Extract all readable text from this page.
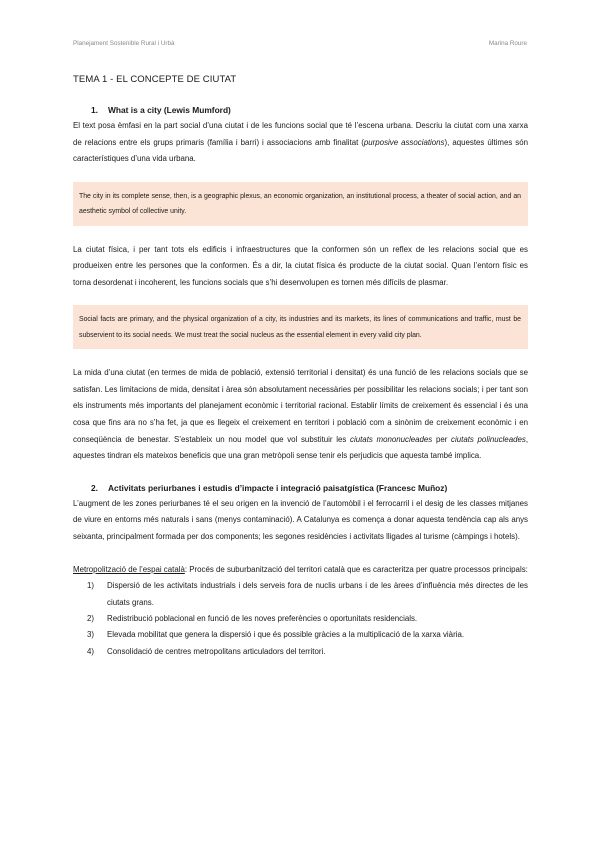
Planejament Sostenible Rural i Urbà	Marina Roure
TEMA 1 - EL CONCEPTE DE CIUTAT
1. What is a city (Lewis Mumford)

El text posa èmfasi en la part social d’una ciutat i de les funcions social que té l’escena urbana. Descriu la ciutat com una xarxa de relacions entre els grups primaris (família i barri) i associacions amb finalitat (purposive associations), aquestes últimes són característiques d’una vida urbana.

The city in its complete sense, then, is a geographic plexus, an economic organization, an institutional process, a theater of social action, and an aesthetic symbol of collective unity.

La ciutat física, i per tant tots els edificis i infraestructures que la conformen són un reflex de les relacions social que es produeixen entre les persones que la conformen. És a dir, la ciutat física és producte de la ciutat social. Quan l’entorn físic es torna desordenat i incoherent, les funcions socials que s’hi desenvolupen es tornen més difícils de plasmar.

Social facts are primary, and the physical organization of a city, its industries and its markets, its lines of communications and traffic, must be subservient to its social needs. We must treat the social nucleus as the essential element in every valid city plan.

La mida d’una ciutat (en termes de mida de població, extensió territorial i densitat) és una funció de les relacions socials que se satisfan. Les limitacions de mida, densitat i àrea són absolutament necessàries per possibilitar les relacions socials; i per tant son els instruments més importants del planejament econòmic i territorial racional. Establir límits de creixement és essencial i és una cosa que fins ara no s’ha fet, ja que es llegeix el creixement en territori i població com a sinònim de creixement econòmic i en conseqüència de benestar. S’estableix un nou model que vol substituir les ciutats mononucleades per ciutats polinucleades, aquestes tindran els mateixos beneficis que una gran metròpoli sense tenir els perjudicis que aquesta també implica.

2. Activitats periurbanes i estudis d’impacte i integració paisatgística (Francesc Muñoz)

L’augment de les zones periurbanes té el seu origen en la invenció de l’automòbil i el ferrocarril i el desig de les classes mitjanes de viure en entorns més naturals i sans (menys contaminació). A Catalunya es comença a donar aquesta tendència cap als anys seixanta, principalment formada per dos components; les segones residències i activitats lligades al turisme (càmpings i hotels).

Metropolització de l’espai català: Procés de suburbanització del territori català que es caracteritza per quatre processos principals:

1) Dispersió de les activitats industrials i dels serveis fora de nuclis urbans i de les àrees d’influència més directes de les ciutats grans.
2) Redistribució poblacional en funció de les noves preferències o oportunitats residencials.
3) Elevada mobilitat que genera la dispersió i que és possible gràcies a la multiplicació de la xarxa viària.
4) Consolidació de centres metropolitans articuladors del territori.
